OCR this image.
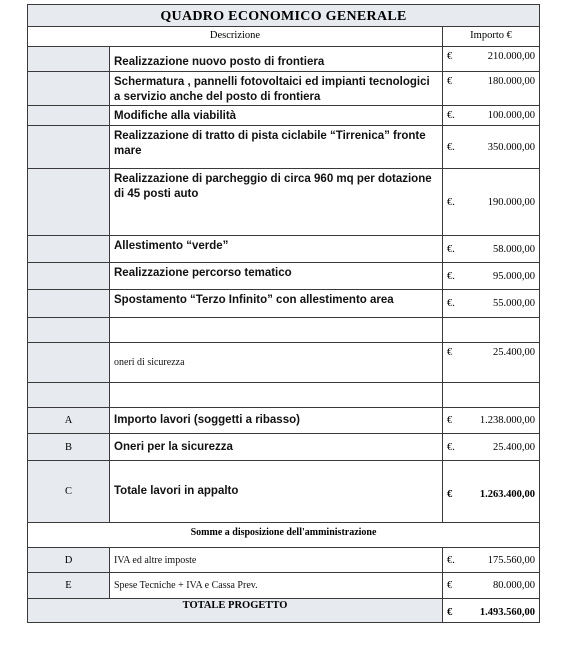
QUADRO ECONOMICO GENERALE		
Descrizione		Importo €
	Realizzazione nuovo posto di frontiera	€ 210.000,00

	Schermatura , pannelli fotovoltaici ed impianti tecnologici a servizio anche del posto di frontiera	€ 180.000,00

	Modifiche alla viabilità	€. 100.000,00

	Realizzazione di tratto di pista ciclabile “Tirrenica” fronte mare	€. 350.000,00

	Realizzazione di parcheggio di circa 960 mq per dotazione di 45 posti auto	€. 190.000,00

	Allestimento “verde”	€. 58.000,00

	Realizzazione percorso tematico	€. 95.000,00

	Spostamento “Terzo Infinito” con allestimento area	€. 55.000,00

	oneri di sicurezza	€ 25.400,00

A	Importo lavori (soggetti a ribasso)	€ 1.238.000,00

B	Oneri per la sicurezza	€. 25.400,00

C	Totale lavori in appalto	€ 1.263.400,00

Somme a disposizione dell'amministrazione		
D	IVA ed altre imposte	€. 175.560,00

E	Spese Tecniche + IVA e Cassa Prev.	€ 80.000,00

TOTALE PROGETTO		€ 1.493.560,00
